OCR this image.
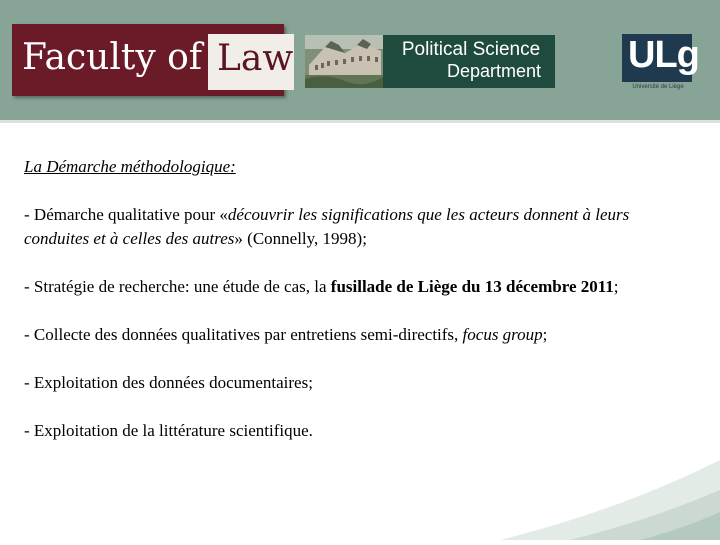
Faculty of Law	Political Science
Department ULg
Université de Liège

La Démarche méthodologique:

- Démarche qualitative pour «découvrir les significations que les acteurs donnent à leurs conduites et à celles des autres» (Connelly, 1998);

- Stratégie de recherche: une étude de cas, la fusillade de Liège du 13 décembre 2011;

- Collecte des données qualitatives par entretiens semi-directifs, focus group;

- Exploitation des données documentaires;

- Exploitation de la littérature scientifique.
